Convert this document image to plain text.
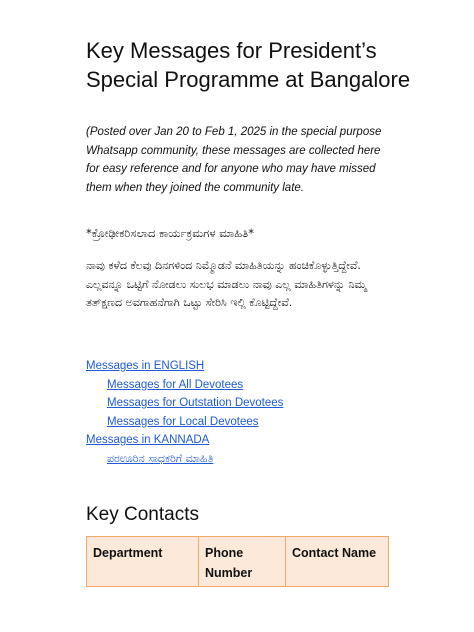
Key Messages for President’s Special Programme at Bangalore

(Posted over Jan 20 to Feb 1, 2025 in the special purpose Whatsapp community, these messages are collected here for easy reference and for anyone who may have missed them when they joined the community late.

*ಕ್ರೋಢೀಕರಿಸಲಾದ ಕಾರ್ಯಕ್ರಮಗಳ ಮಾಹಿತಿ*

ನಾವು ಕಳೆದ ಕೆಲವು ದಿನಗಳಿಂದ ನಿಮ್ಮೊಡನೆ ಮಾಹಿತಿಯನ್ನು ಹಂಚಿಕೊಳ್ಳುತ್ತಿದ್ದೇವೆ. ಎಲ್ಲವನ್ನೂ ಒಟ್ಟಿಗೆ ನೋಡಲು ಸುಲಭ ಮಾಡಲು ನಾವು ಎಲ್ಲ ಮಾಹಿತಿಗಳನ್ನು ನಿಮ್ಮ ತತ್ಕ್ಷಣದ ಅವಗಾಹನೆಗಾಗಿ ಒಟ್ಟು ಸೇರಿಸಿ ಇಲ್ಲಿ ಕೊಟ್ಟಿದ್ದೇವೆ.

Messages in ENGLISH
Messages for All Devotees
Messages for Outstation Devotees
Messages for Local Devotees
Messages in KANNADA
ಪರಊರಿನ ಸಾಧಕರಿಗೆ ಮಾಹಿತಿ
Key Contacts
Department	Phone Number	Contact Name
